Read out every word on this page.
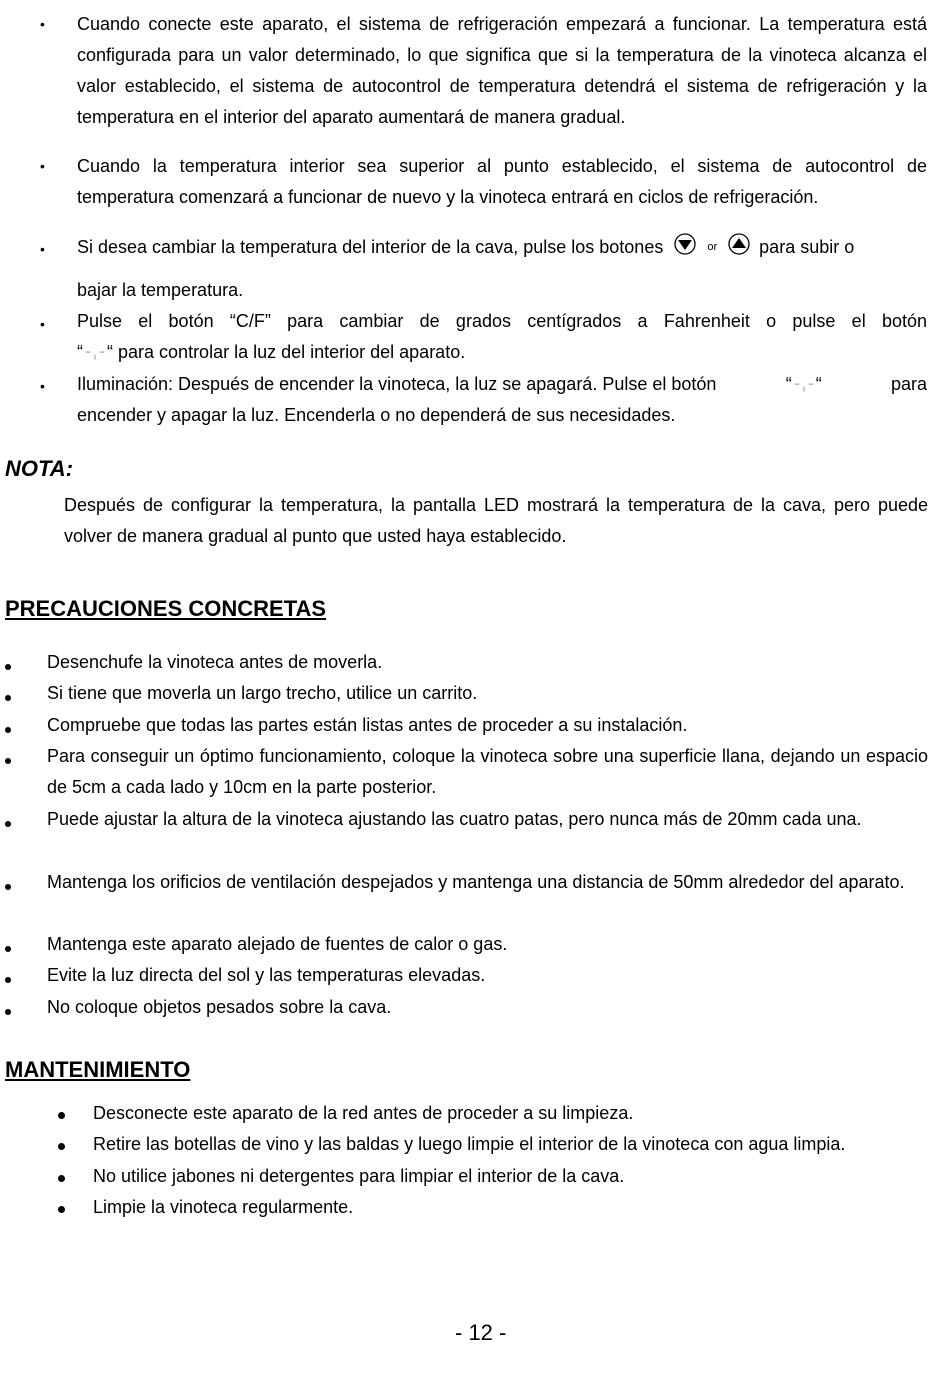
• Cuando conecte este aparato, el sistema de refrigeración empezará a funcionar. La temperatura está configurada para un valor determinado, lo que significa que si la temperatura de la vinoteca alcanza el valor establecido, el sistema de autocontrol de temperatura detendrá el sistema de refrigeración y la temperatura en el interior del aparato aumentará de manera gradual.
• Cuando la temperatura interior sea superior al punto establecido, el sistema de autocontrol de temperatura comenzará a funcionar de nuevo y la vinoteca entrará en ciclos de refrigeración.
• Si desea cambiar la temperatura del interior de la cava, pulse los botones	$^{or}$ para subir o
bajar la temperatura.
• Pulse el botón “C/F” para cambiar de grados centígrados a Fahrenheit o pulse el botón
“ “ para controlar la luz del interior del aparato.
• Iluminación: Después de encender la vinoteca, la luz se apagará. Pulse el botón	“ “	para
encender y apagar la luz. Encenderla o no dependerá de sus necesidades.
NOTA:
Después de configurar la temperatura, la pantalla LED mostrará la temperatura de la cava, pero puede volver de manera gradual al punto que usted haya establecido.
PRECAUCIONES CONCRETAS
Desenchufe la vinoteca antes de moverla.
Si tiene que moverla un largo trecho, utilice un carrito.
Compruebe que todas las partes están listas antes de proceder a su instalación.
Para conseguir un óptimo funcionamiento, coloque la vinoteca sobre una superficie llana, dejando un espacio de 5cm a cada lado y 10cm en la parte posterior.
Puede ajustar la altura de la vinoteca ajustando las cuatro patas, pero nunca más de 20mm cada una.
Mantenga los orificios de ventilación despejados y mantenga una distancia de 50mm alrededor del aparato.
Mantenga este aparato alejado de fuentes de calor o gas.
Evite la luz directa del sol y las temperaturas elevadas.
No coloque objetos pesados sobre la cava.
MANTENIMIENTO
Desconecte este aparato de la red antes de proceder a su limpieza.
Retire las botellas de vino y las baldas y luego limpie el interior de la vinoteca con agua limpia.
No utilice jabones ni detergentes para limpiar el interior de la cava.
Limpie la vinoteca regularmente.
- 12 -
